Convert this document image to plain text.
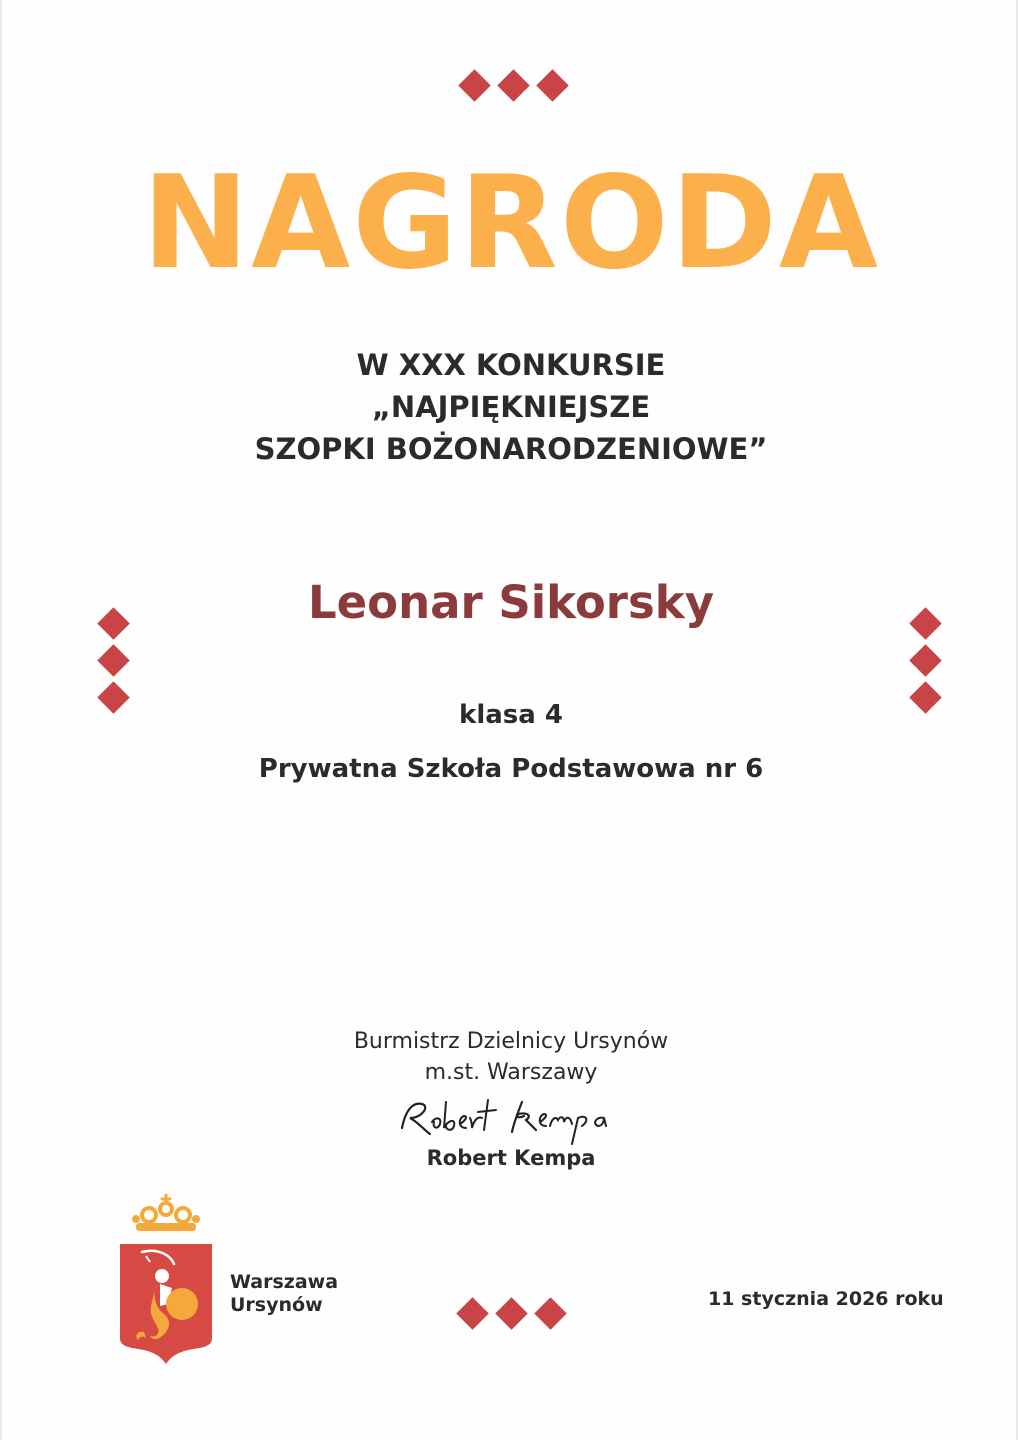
NAGRODA
W XXX KONKURSIE
„NAJPIĘKNIEJSZE
SZOPKI BOŻONARODZENIOWE”
Leonar Sikorsky
klasa 4
Prywatna Szkoła Podstawowa nr 6
Burmistrz Dzielnicy Ursynów
m.st. Warszawy
Robert Kempa
Warszawa
Ursynów	11 stycznia 2026 roku
